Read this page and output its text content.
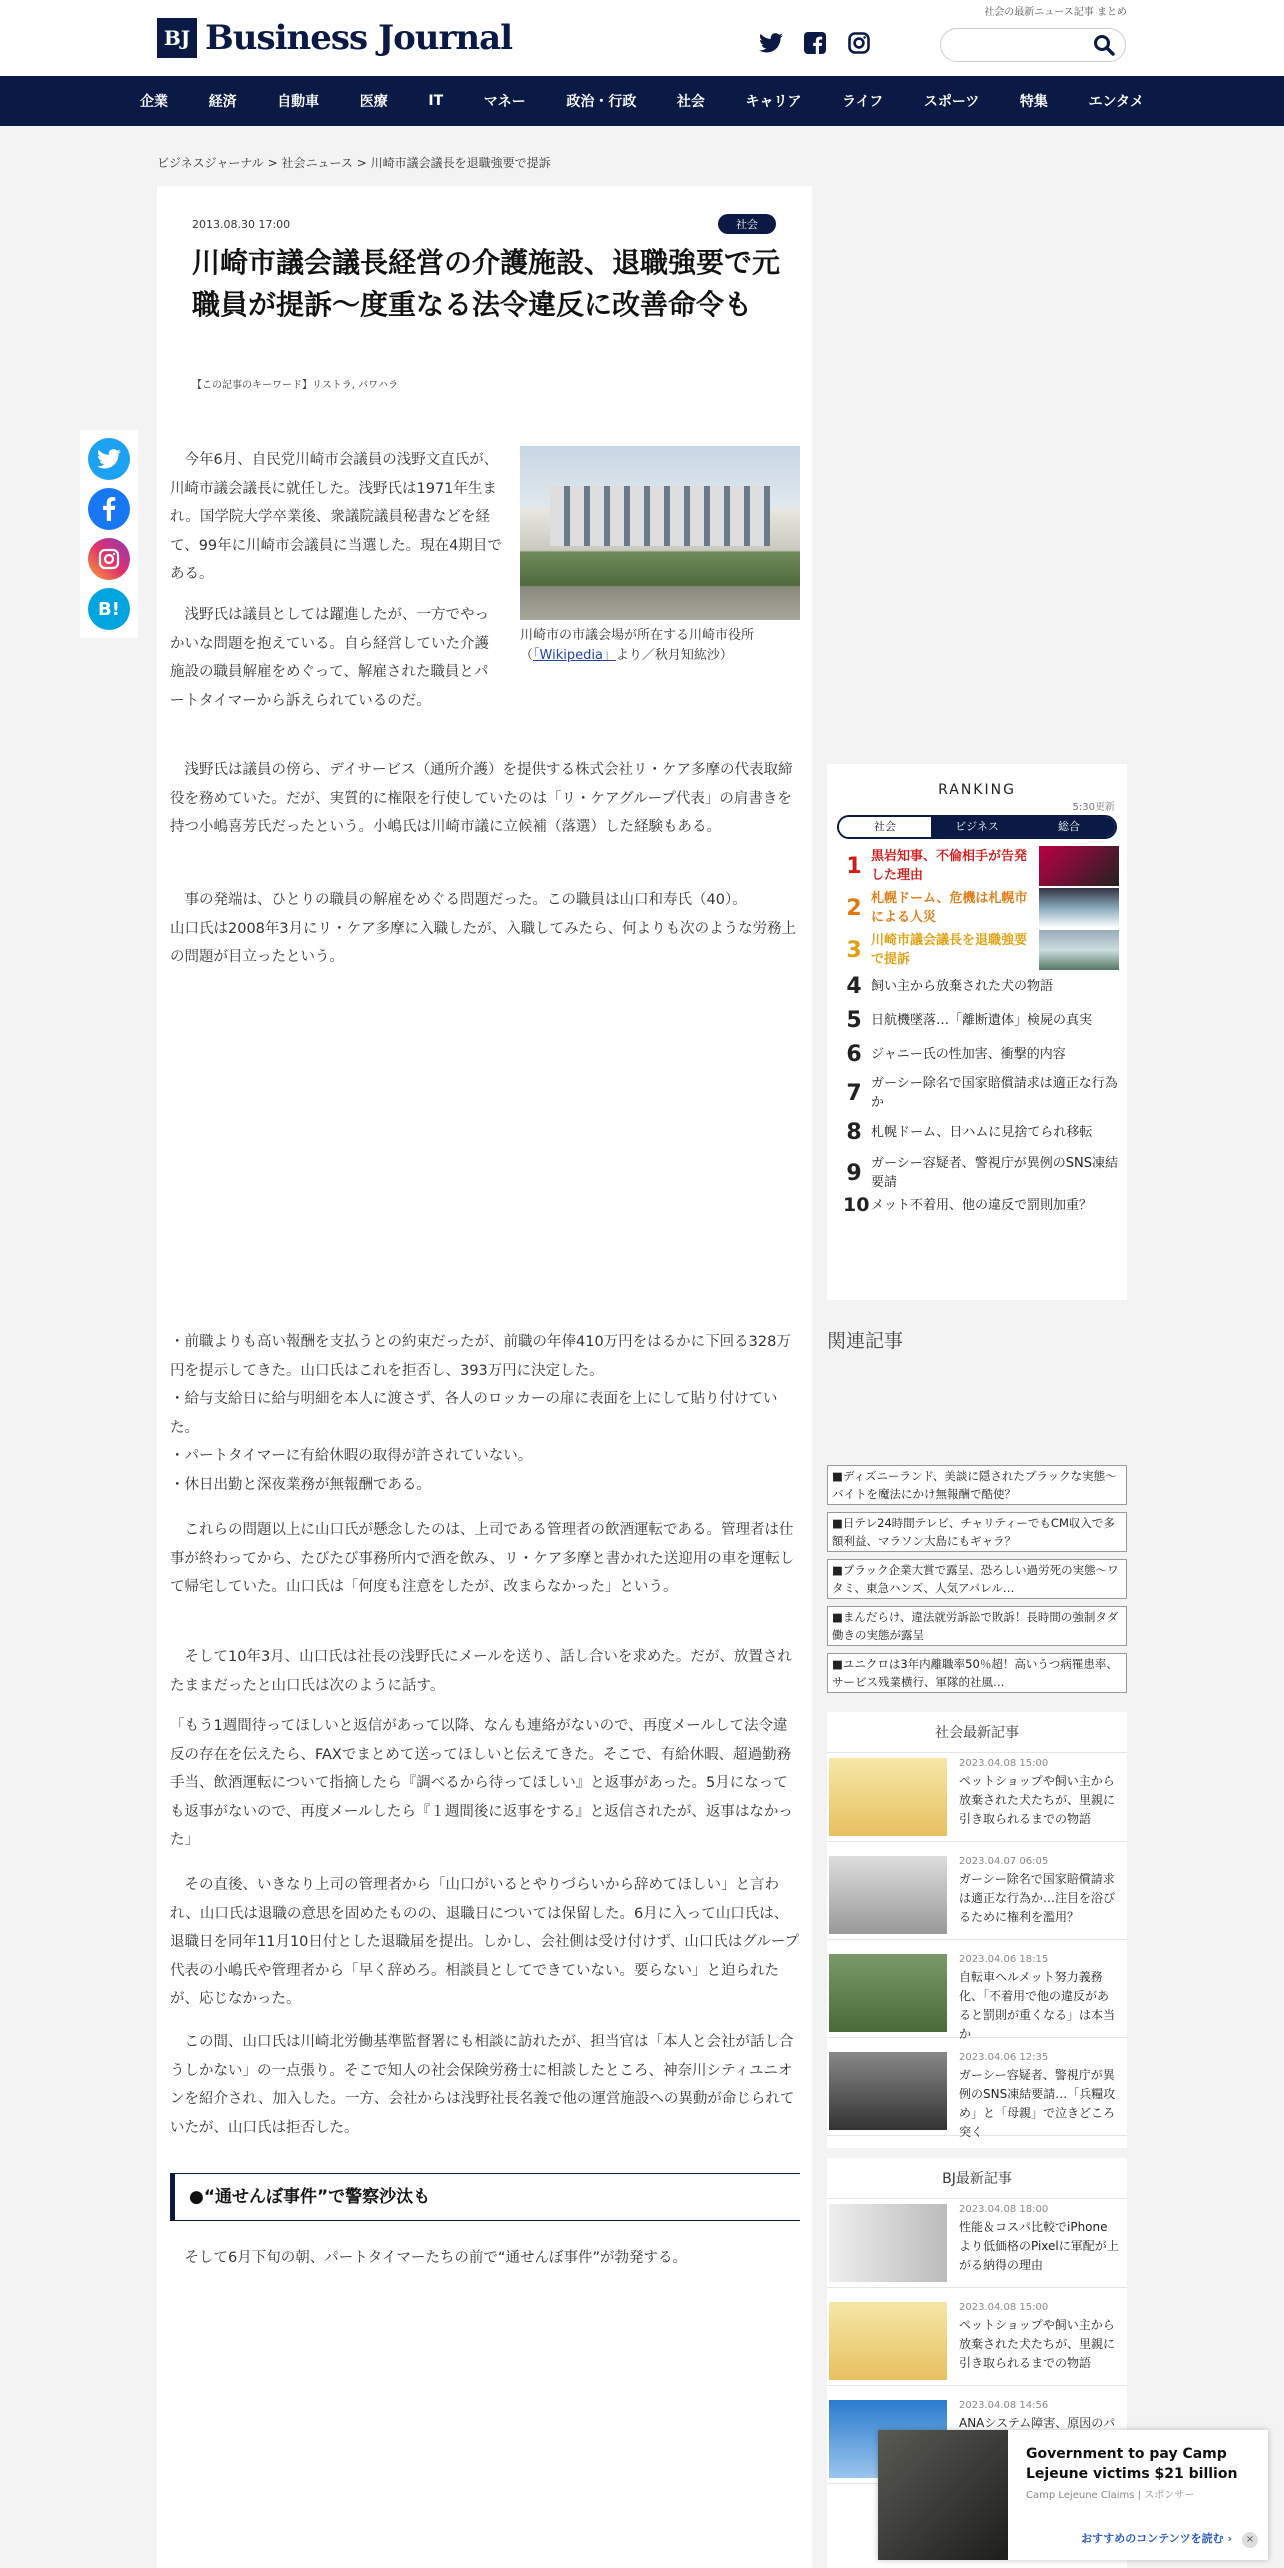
社会の最新ニュース記事 まとめ
BJ Business Journal
企業	経済	自動車	医療	IT	マネー	政治・行政	社会	キャリア	ライフ	スポーツ	特集	エンタメ
ビジネスジャーナル > 社会ニュース > 川崎市議会議長を退職強要で提訴
B!
2013.08.30 17:00	社会
川崎市議会議長経営の介護施設、退職強要で元職員が提訴〜度重なる法令違反に改善命令も
【この記事のキーワード】リストラ, パワハラ
川崎市の市議会場が所在する川崎市役所
（「Wikipedia」より／秋月知紘沙）

　今年6月、自民党川崎市会議員の浅野文直氏が、川崎市議会議長に就任した。浅野氏は1971年生まれ。国学院大学卒業後、衆議院議員秘書などを経て、99年に川崎市会議員に当選した。現在4期目である。

　浅野氏は議員としては躍進したが、一方でやっかいな問題を抱えている。自ら経営していた介護施設の職員解雇をめぐって、解雇された職員とパートタイマーから訴えられているのだ。

　浅野氏は議員の傍ら、デイサービス（通所介護）を提供する株式会社リ・ケア多摩の代表取締役を務めていた。だが、実質的に権限を行使していたのは「リ・ケアグループ代表」の肩書きを持つ小嶋喜芳氏だったという。小嶋氏は川崎市議に立候補（落選）した経験もある。

　事の発端は、ひとりの職員の解雇をめぐる問題だった。この職員は山口和寿氏（40）。
山口氏は2008年3月にリ・ケア多摩に入職したが、入職してみたら、何よりも次のような労務上の問題が目立ったという。

・前職よりも高い報酬を支払うとの約束だったが、前職の年俸410万円をはるかに下回る328万円を提示してきた。山口氏はこれを拒否し、393万円に決定した。
・給与支給日に給与明細を本人に渡さず、各人のロッカーの扉に表面を上にして貼り付けていた。
・パートタイマーに有給休暇の取得が許されていない。
・休日出勤と深夜業務が無報酬である。

　これらの問題以上に山口氏が懸念したのは、上司である管理者の飲酒運転である。管理者は仕事が終わってから、たびたび事務所内で酒を飲み、リ・ケア多摩と書かれた送迎用の車を運転して帰宅していた。山口氏は「何度も注意をしたが、改まらなかった」という。

　そして10年3月、山口氏は社長の浅野氏にメールを送り、話し合いを求めた。だが、放置されたままだったと山口氏は次のように話す。

「もう1週間待ってほしいと返信があって以降、なんも連絡がないので、再度メールして法令違反の存在を伝えたら、FAXでまとめて送ってほしいと伝えてきた。そこで、有給休暇、超過勤務手当、飲酒運転について指摘したら『調べるから待ってほしい』と返事があった。5月になっても返事がないので、再度メールしたら『１週間後に返事をする』と返信されたが、返事はなかった」

　その直後、いきなり上司の管理者から「山口がいるとやりづらいから辞めてほしい」と言われ、山口氏は退職の意思を固めたものの、退職日については保留した。6月に入って山口氏は、退職日を同年11月10日付とした退職届を提出。しかし、会社側は受け付けず、山口氏はグループ代表の小嶋氏や管理者から「早く辞めろ。相談員としてできていない。要らない」と迫られたが、応じなかった。

　この間、山口氏は川崎北労働基準監督署にも相談に訪れたが、担当官は「本人と会社が話し合うしかない」の一点張り。そこで知人の社会保険労務士に相談したところ、神奈川シティユニオンを紹介され、加入した。一方、会社からは浅野社長名義で他の運営施設への異動が命じられていたが、山口氏は拒否した。

●“通せんぼ事件”で警察沙汰も

　そして6月下旬の朝、パートタイマーたちの前で“通せんぼ事件”が勃発する。

RANKING
5:30更新
社会	ビジネス	総合
1 黒岩知事、不倫相手が告発した理由
2 札幌ドーム、危機は札幌市による人災
3 川崎市議会議長を退職強要で提訴
4 飼い主から放棄された犬の物語
5 日航機墜落…「離断遺体」検屍の真実
6 ジャニー氏の性加害、衝撃的内容
7 ガーシー除名で国家賠償請求は適正な行為か
8 札幌ドーム、日ハムに見捨てられ移転
9 ガーシー容疑者、警視庁が異例のSNS凍結要請
10 メット不着用、他の違反で罰則加重？
関連記事
■ディズニーランド、美談に隠されたブラックな実態〜バイトを魔法にかけ無報酬で酷使？
■日テレ24時間テレビ、チャリティーでもCM収入で多額利益、マラソン大島にもギャラ？
■ブラック企業大賞で露呈、恐ろしい過労死の実態〜ワタミ、東急ハンズ、人気アパレル…
■まんだらけ、違法就労訴訟で敗訴！長時間の強制タダ働きの実態が露呈
■ユニクロは3年内離職率50％超！高いうつ病罹患率、サービス残業横行、軍隊的社風…
社会最新記事
2023.04.08 15:00
ペットショップや飼い主から放棄された犬たちが、里親に引き取られるまでの物語
2023.04.07 06:05
ガーシー除名で国家賠償請求は適正な行為か…注目を浴びるために権利を濫用？
2023.04.06 18:15
自転車ヘルメット努力義務化、「不着用で他の違反があると罰則が重くなる」は本当か
2023.04.06 12:35
ガーシー容疑者、警視庁が異例のSNS凍結要請…「兵糧攻め」と「母親」で泣きどころ突く
BJ最新記事
2023.04.08 18:00
性能＆コスパ比較でiPhoneより低価格のPixelに軍配が上がる納得の理由
2023.04.08 15:00
ペットショップや飼い主から放棄された犬たちが、里親に引き取られるまでの物語
2023.04.08 14:56
ANAシステム障害、原因のパ
Government to pay Camp Lejeune victims $21 billion
Camp Lejeune Claims | スポンサー
おすすめのコンテンツを読む ›	×
